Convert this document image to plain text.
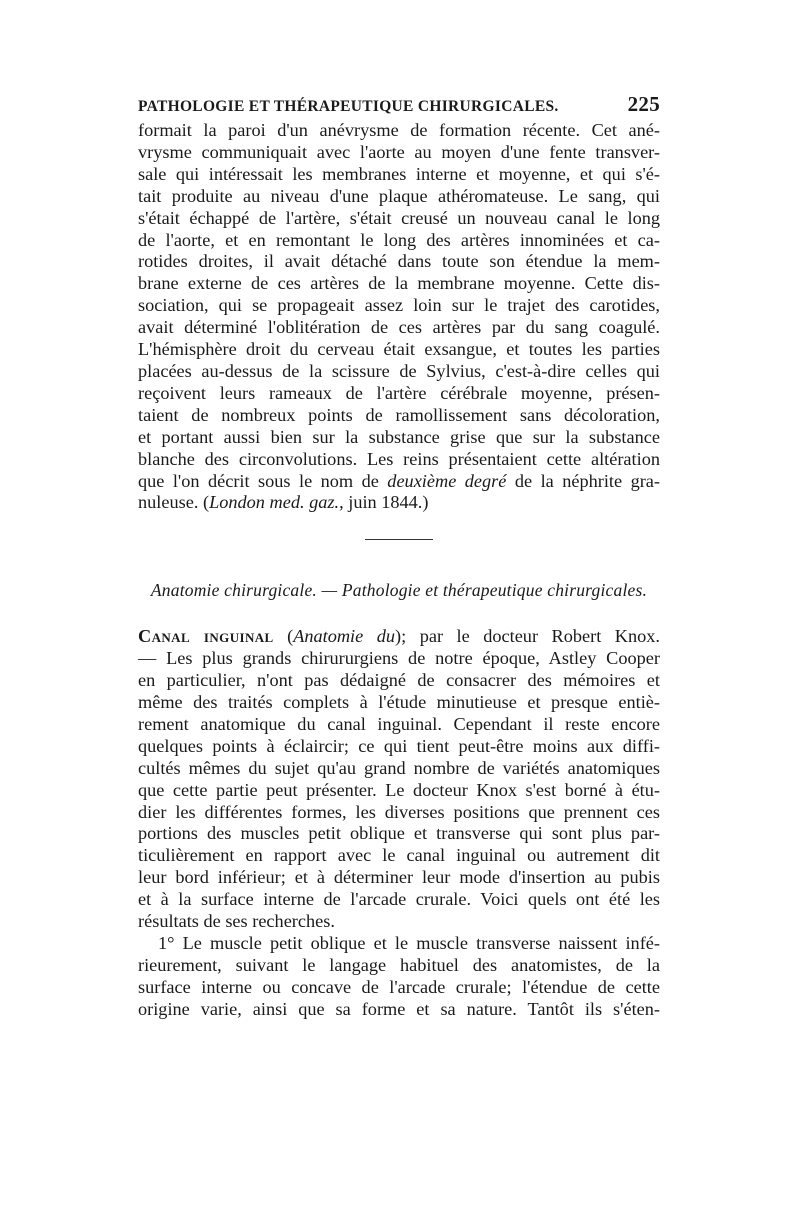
PATHOLOGIE ET THÉRAPEUTIQUE CHIRURGICALES.	225

formait la paroi d'un anévrysme de formation récente. Cet ané-
vrysme communiquait avec l'aorte au moyen d'une fente transver-
sale qui intéressait les membranes interne et moyenne, et qui s'é-
tait produite au niveau d'une plaque athéromateuse. Le sang, qui
s'était échappé de l'artère, s'était creusé un nouveau canal le long
de l'aorte, et en remontant le long des artères innominées et ca-
rotides droites, il avait détaché dans toute son étendue la mem-
brane externe de ces artères de la membrane moyenne. Cette dis-
sociation, qui se propageait assez loin sur le trajet des carotides,
avait déterminé l'oblitération de ces artères par du sang coagulé.
L'hémisphère droit du cerveau était exsangue, et toutes les parties
placées au-dessus de la scissure de Sylvius, c'est-à-dire celles qui
reçoivent leurs rameaux de l'artère cérébrale moyenne, présen-
taient de nombreux points de ramollissement sans décoloration,
et portant aussi bien sur la substance grise que sur la substance
blanche des circonvolutions. Les reins présentaient cette altération
que l'on décrit sous le nom de deuxième degré de la néphrite gra-
nuleuse. (London med. gaz., juin 1844.)

Anatomie chirurgicale. — Pathologie et thérapeutique chirurgicales.

Canal inguinal (Anatomie du); par le docteur Robert Knox.
— Les plus grands chirururgiens de notre époque, Astley Cooper
en particulier, n'ont pas dédaigné de consacrer des mémoires et
même des traités complets à l'étude minutieuse et presque entiè-
rement anatomique du canal inguinal. Cependant il reste encore
quelques points à éclaircir; ce qui tient peut-être moins aux diffi-
cultés mêmes du sujet qu'au grand nombre de variétés anatomiques
que cette partie peut présenter. Le docteur Knox s'est borné à étu-
dier les différentes formes, les diverses positions que prennent ces
portions des muscles petit oblique et transverse qui sont plus par-
ticulièrement en rapport avec le canal inguinal ou autrement dit
leur bord inférieur; et à déterminer leur mode d'insertion au pubis
et à la surface interne de l'arcade crurale. Voici quels ont été les
résultats de ses recherches.

1° Le muscle petit oblique et le muscle transverse naissent infé-
rieurement, suivant le langage habituel des anatomistes, de la
surface interne ou concave de l'arcade crurale; l'étendue de cette
origine varie, ainsi que sa forme et sa nature. Tantôt ils s'éten-
